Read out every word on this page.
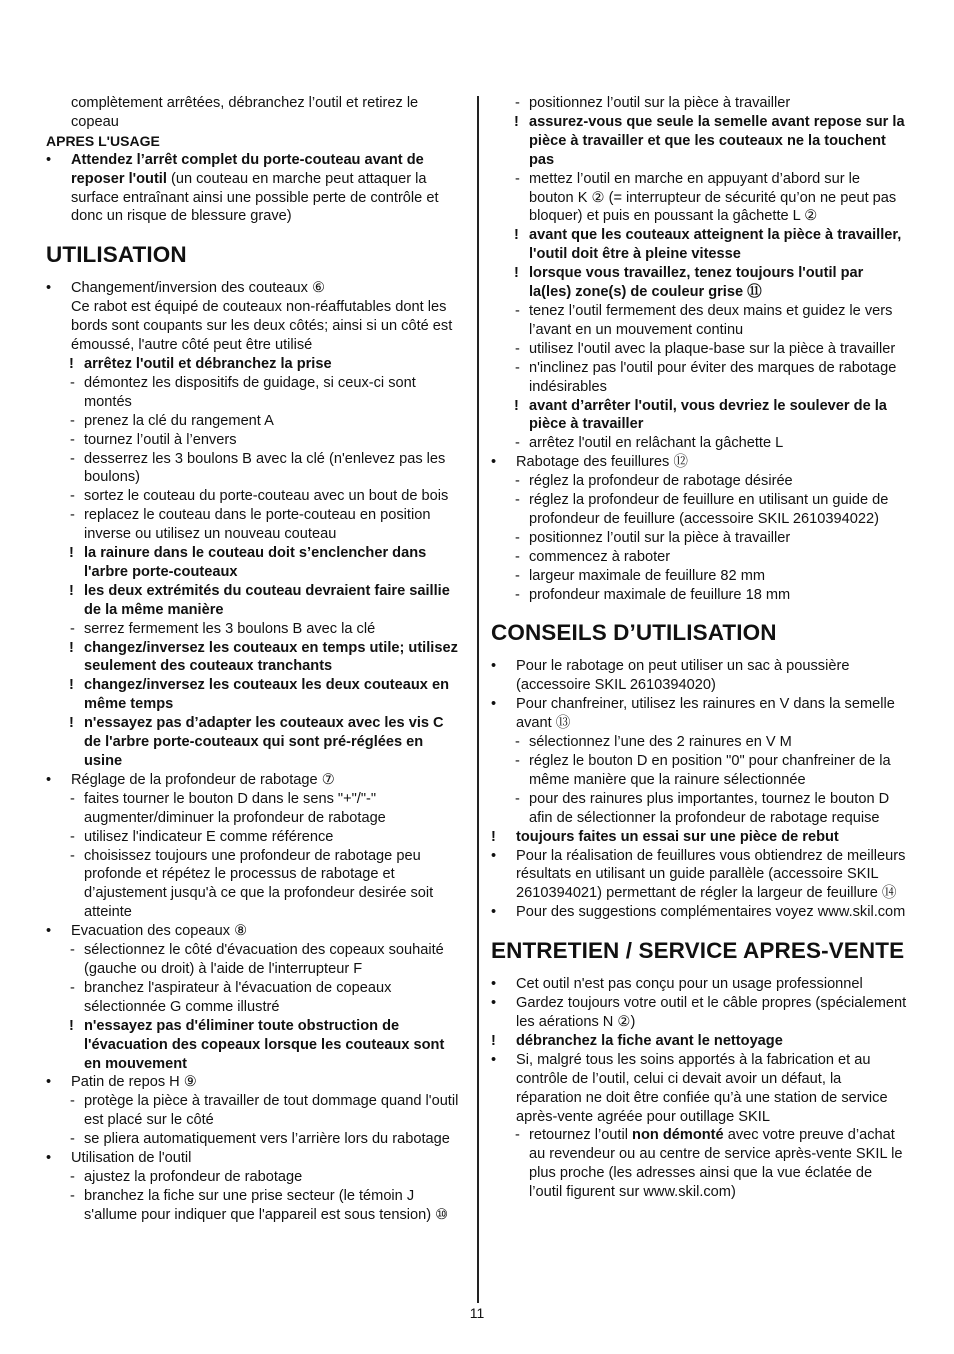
complètement arrêtées, débranchez l’outil et retirez le copeau
APRES L'USAGE
• Attendez l’arrêt complet du porte-couteau avant de reposer l'outil (un couteau en marche peut attaquer la surface entraînant ainsi une possible perte de contrôle et donc un risque de blessure grave)
UTILISATION
• Changement/inversion des couteaux ⑥
Ce rabot est équipé de couteaux non-réaffutables dont les bords sont coupants sur les deux côtés; ainsi si un côté est émoussé, l'autre côté peut être utilisé
! arrêtez l'outil et débranchez la prise
- démontez les dispositifs de guidage, si ceux-ci sont montés
- prenez la clé du rangement A
- tournez l’outil à l’envers
- desserrez les 3 boulons B avec la clé (n'enlevez pas les boulons)
- sortez le couteau du porte-couteau avec un bout de bois
- replacez le couteau dans le porte-couteau en position inverse ou utilisez un nouveau couteau
! la rainure dans le couteau doit s’enclencher dans l'arbre porte-couteaux
! les deux extrémités du couteau devraient faire saillie de la même manière
- serrez fermement les 3 boulons B avec la clé
! changez/inversez les couteaux en temps utile; utilisez seulement des couteaux tranchants
! changez/inversez les couteaux les deux couteaux en même temps
! n'essayez pas d’adapter les couteaux avec les vis C de l'arbre porte-couteaux qui sont pré-réglées en usine
• Réglage de la profondeur de rabotage ⑦
- faites tourner le bouton D dans le sens "+"/"-" augmenter/diminuer la profondeur de rabotage
- utilisez l'indicateur E comme référence
- choisissez toujours une profondeur de rabotage peu profonde et répétez le processus de rabotage et d’ajustement jusqu'à ce que la profondeur desirée soit atteinte
• Evacuation des copeaux ⑧
- sélectionnez le côté d'évacuation des copeaux souhaité (gauche ou droit) à l'aide de l'interrupteur F
- branchez l'aspirateur à l'évacuation de copeaux sélectionnée G comme illustré
! n'essayez pas d'éliminer toute obstruction de l'évacuation des copeaux lorsque les couteaux sont en mouvement
• Patin de repos H ⑨
- protège la pièce à travailler de tout dommage quand l'outil est placé sur le côté
- se pliera automatiquement vers l’arrière lors du rabotage
• Utilisation de l'outil
- ajustez la profondeur de rabotage
- branchez la fiche sur une prise secteur (le témoin J s'allume pour indiquer que l'appareil est sous tension) ⑩
- positionnez l’outil sur la pièce à travailler
! assurez-vous que seule la semelle avant repose sur la pièce à travailler et que les couteaux ne la touchent pas
- mettez l’outil en marche en appuyant d’abord sur le bouton K ② (= interrupteur de sécurité qu’on ne peut pas bloquer) et puis en poussant la gâchette L ②
! avant que les couteaux atteignent la pièce à travailler, l'outil doit être à pleine vitesse
! lorsque vous travaillez, tenez toujours l'outil par la(les) zone(s) de couleur grise ⑪
- tenez l’outil fermement des deux mains et guidez le vers l’avant en un mouvement continu
- utilisez l'outil avec la plaque-base sur la pièce à travailler
- n'inclinez pas l'outil pour éviter des marques de rabotage indésirables
! avant d’arrêter l'outil, vous devriez le soulever de la pièce à travailler
- arrêtez l'outil en relâchant la gâchette L
• Rabotage des feuillures ⑫
- réglez la profondeur de rabotage désirée
- réglez la profondeur de feuillure en utilisant un guide de profondeur de feuillure (accessoire SKIL 2610394022)
- positionnez l’outil sur la pièce à travailler
- commencez à raboter
- largeur maximale de feuillure 82 mm
- profondeur maximale de feuillure 18 mm
CONSEILS D’UTILISATION
• Pour le rabotage on peut utiliser un sac à poussière (accessoire SKIL 2610394020)
• Pour chanfreiner, utilisez les rainures en V dans la semelle avant ⑬
- sélectionnez l’une des 2 rainures en V M
- réglez le bouton D en position "0" pour chanfreiner de la même manière que la rainure sélectionnée
- pour des rainures plus importantes, tournez le bouton D afin de sélectionner la profondeur de rabotage requise
! toujours faites un essai sur une pièce de rebut
• Pour la réalisation de feuillures vous obtiendrez de meilleurs résultats en utilisant un guide parallèle (accessoire SKIL 2610394021) permettant de régler la largeur de feuillure ⑭
• Pour des suggestions complémentaires voyez www.skil.com
ENTRETIEN / SERVICE APRES-VENTE
• Cet outil n'est pas conçu pour un usage professionnel
• Gardez toujours votre outil et le câble propres (spécialement les aérations N ②)
! débranchez la fiche avant le nettoyage
• Si, malgré tous les soins apportés à la fabrication et au contrôle de l’outil, celui ci devait avoir un défaut, la réparation ne doit être confiée qu’à une station de service après-vente agréée pour outillage SKIL
- retournez l’outil non démonté avec votre preuve d’achat au revendeur ou au centre de service après-vente SKIL le plus proche (les adresses ainsi que la vue éclatée de l’outil figurent sur www.skil.com)
11
